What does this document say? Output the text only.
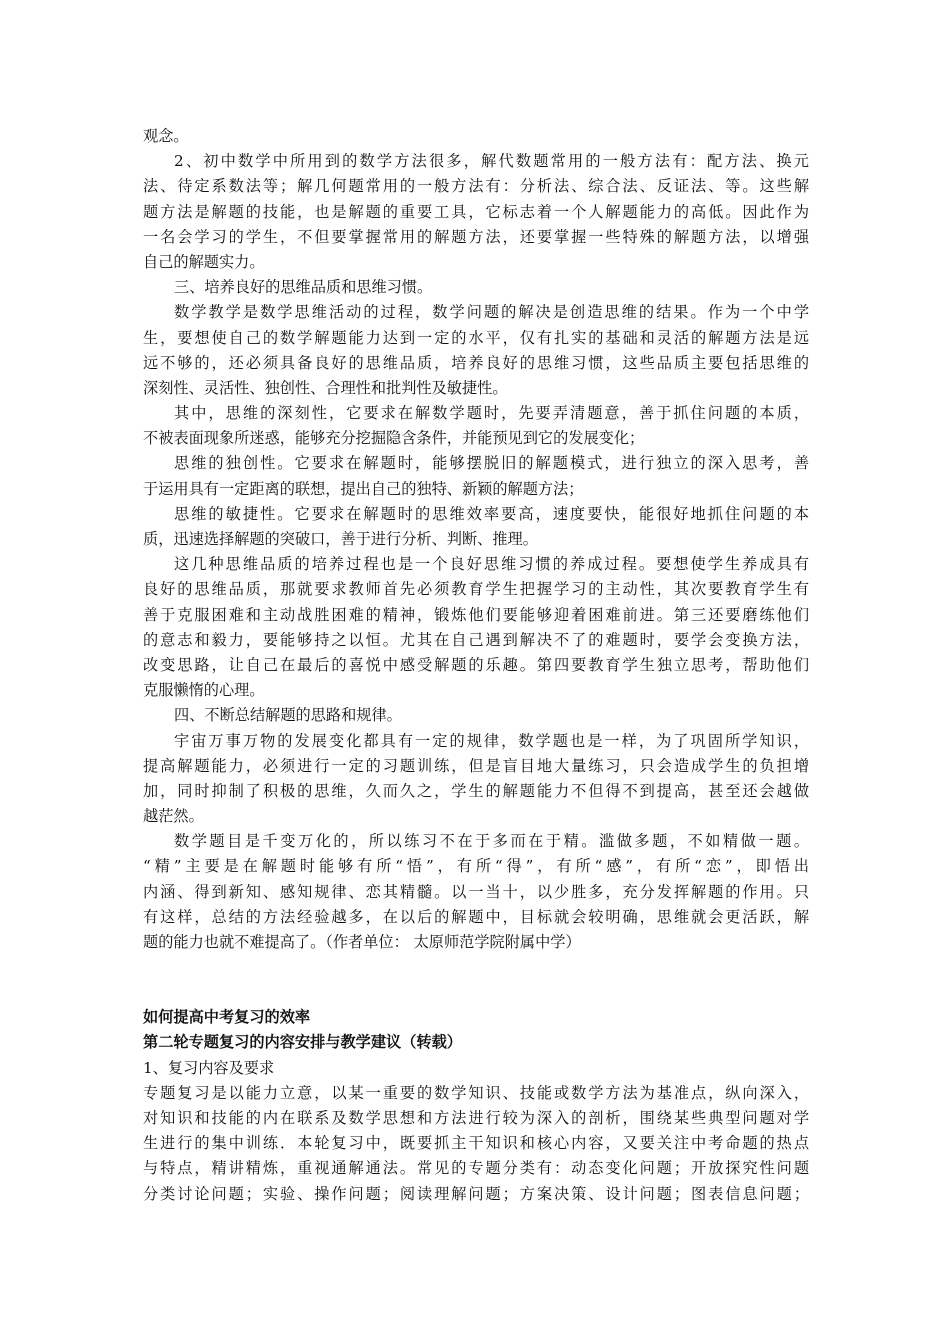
观念。
2、初中数学中所用到的数学方法很多，解代数题常用的一般方法有：配方法、换元
法、待定系数法等；解几何题常用的一般方法有：分析法、综合法、反证法、等。这些解
题方法是解题的技能，也是解题的重要工具，它标志着一个人解题能力的高低。因此作为
一名会学习的学生，不但要掌握常用的解题方法，还要掌握一些特殊的解题方法，以增强
自己的解题实力。
三、培养良好的思维品质和思维习惯。
数学教学是数学思维活动的过程，数学问题的解决是创造思维的结果。作为一个中学
生，要想使自己的数学解题能力达到一定的水平，仅有扎实的基础和灵活的解题方法是远
远不够的，还必须具备良好的思维品质，培养良好的思维习惯，这些品质主要包括思维的
深刻性、灵活性、独创性、合理性和批判性及敏捷性。
其中，思维的深刻性，它要求在解数学题时，先要弄清题意，善于抓住问题的本质，
不被表面现象所迷惑，能够充分挖掘隐含条件，并能预见到它的发展变化；
思维的独创性。它要求在解题时，能够摆脱旧的解题模式，进行独立的深入思考，善
于运用具有一定距离的联想，提出自己的独特、新颖的解题方法；
思维的敏捷性。它要求在解题时的思维效率要高，速度要快，能很好地抓住问题的本
质，迅速选择解题的突破口，善于进行分析、判断、推理。
这几种思维品质的培养过程也是一个良好思维习惯的养成过程。要想使学生养成具有
良好的思维品质，那就要求教师首先必须教育学生把握学习的主动性，其次要教育学生有
善于克服困难和主动战胜困难的精神，锻炼他们要能够迎着困难前进。第三还要磨练他们
的意志和毅力，要能够持之以恒。尤其在自己遇到解决不了的难题时，要学会变换方法，
改变思路，让自己在最后的喜悦中感受解题的乐趣。第四要教育学生独立思考，帮助他们
克服懒惰的心理。
四、不断总结解题的思路和规律。
宇宙万事万物的发展变化都具有一定的规律，数学题也是一样，为了巩固所学知识，
提高解题能力，必须进行一定的习题训练，但是盲目地大量练习，只会造成学生的负担增
加，同时抑制了积极的思维，久而久之，学生的解题能力不但得不到提高，甚至还会越做
越茫然。
数学题目是千变万化的，所以练习不在于多而在于精。滥做多题，不如精做一题。
“精”主要是在解题时能够有所“悟”，有所“得”，有所“感”，有所“恋”，即悟出
内涵、得到新知、感知规律、恋其精髓。以一当十，以少胜多，充分发挥解题的作用。只
有这样，总结的方法经验越多，在以后的解题中，目标就会较明确，思维就会更活跃，解
题的能力也就不难提高了。（作者单位： 太原师范学院附属中学）
如何提高中考复习的效率
第二轮专题复习的内容安排与教学建议（转载）
1、复习内容及要求
专题复习是以能力立意，以某一重要的数学知识、技能或数学方法为基准点，纵向深入，
对知识和技能的内在联系及数学思想和方法进行较为深入的剖析，围绕某些典型问题对学
生进行的集中训练．本轮复习中，既要抓主干知识和核心内容，又要关注中考命题的热点
与特点，精讲精炼，重视通解通法。常见的专题分类有：动态变化问题；开放探究性问题
分类讨论问题；实验、操作问题；阅读理解问题；方案决策、设计问题；图表信息问题；
